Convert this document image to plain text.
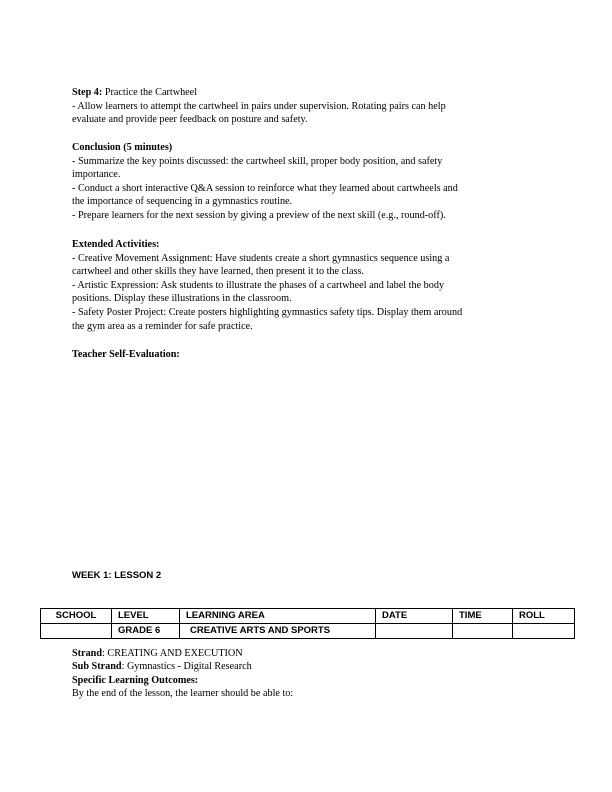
Step 4: Practice the Cartwheel

- Allow learners to attempt the cartwheel in pairs under supervision. Rotating pairs can help

evaluate and provide peer feedback on posture and safety.

Conclusion (5 minutes)

- Summarize the key points discussed: the cartwheel skill, proper body position, and safety

importance.

- Conduct a short interactive Q&A session to reinforce what they learned about cartwheels and

the importance of sequencing in a gymnastics routine.

- Prepare learners for the next session by giving a preview of the next skill (e.g., round-off).

Extended Activities:

- Creative Movement Assignment: Have students create a short gymnastics sequence using a

cartwheel and other skills they have learned, then present it to the class.

- Artistic Expression: Ask students to illustrate the phases of a cartwheel and label the body

positions. Display these illustrations in the classroom.

- Safety Poster Project: Create posters highlighting gymnastics safety tips. Display them around

the gym area as a reminder for safe practice.

Teacher Self-Evaluation:

WEEK 1: LESSON 2
SCHOOL	LEVEL	LEARNING AREA	DATE	TIME	ROLL
	GRADE 6	CREATIVE ARTS AND SPORTS			

Strand: CREATING AND EXECUTION

Sub Strand: Gymnastics - Digital Research

Specific Learning Outcomes:

By the end of the lesson, the learner should be able to:
